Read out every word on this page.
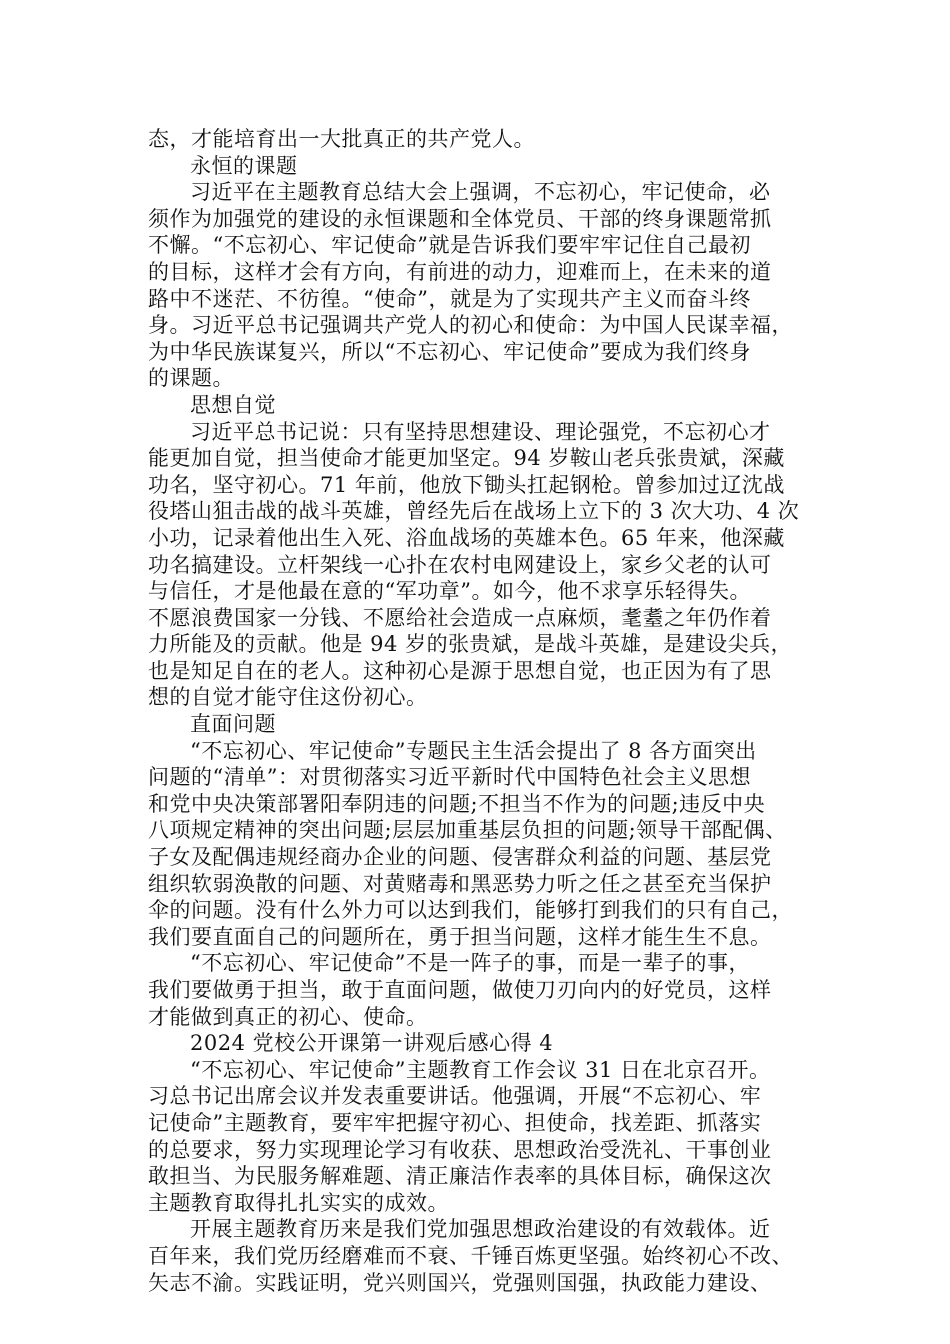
态，才能培育出一大批真正的共产党人。
永恒的课题
习近平在主题教育总结大会上强调，不忘初心，牢记使命，必
须作为加强党的建设的永恒课题和全体党员、干部的终身课题常抓
不懈。“不忘初心、牢记使命”就是告诉我们要牢牢记住自己最初
的目标，这样才会有方向，有前进的动力，迎难而上，在未来的道
路中不迷茫、不彷徨。“使命”，就是为了实现共产主义而奋斗终
身。习近平总书记强调共产党人的初心和使命：为中国人民谋幸福，
为中华民族谋复兴，所以“不忘初心、牢记使命”要成为我们终身
的课题。
思想自觉
习近平总书记说：只有坚持思想建设、理论强党，不忘初心才
能更加自觉，担当使命才能更加坚定。94 岁鞍山老兵张贵斌，深藏
功名，坚守初心。71 年前，他放下锄头扛起钢枪。曾参加过辽沈战
役塔山狙击战的战斗英雄，曾经先后在战场上立下的 3 次大功、4 次
小功，记录着他出生入死、浴血战场的英雄本色。65 年来，他深藏
功名搞建设。立杆架线一心扑在农村电网建设上，家乡父老的认可
与信任，才是他最在意的“军功章”。如今，他不求享乐轻得失。
不愿浪费国家一分钱、不愿给社会造成一点麻烦，耄耋之年仍作着
力所能及的贡献。他是 94 岁的张贵斌，是战斗英雄，是建设尖兵，
也是知足自在的老人。这种初心是源于思想自觉，也正因为有了思
想的自觉才能守住这份初心。
直面问题
“不忘初心、牢记使命”专题民主生活会提出了 8 各方面突出
问题的“清单”：对贯彻落实习近平新时代中国特色社会主义思想
和党中央决策部署阳奉阴违的问题;不担当不作为的问题;违反中央
八项规定精神的突出问题;层层加重基层负担的问题;领导干部配偶、
子女及配偶违规经商办企业的问题、侵害群众利益的问题、基层党
组织软弱涣散的问题、对黄赌毒和黑恶势力听之任之甚至充当保护
伞的问题。没有什么外力可以达到我们，能够打到我们的只有自己，
我们要直面自己的问题所在，勇于担当问题，这样才能生生不息。
“不忘初心、牢记使命”不是一阵子的事，而是一辈子的事，
我们要做勇于担当，敢于直面问题，做使刀刃向内的好党员，这样
才能做到真正的初心、使命。
2024 党校公开课第一讲观后感心得 4
“不忘初心、牢记使命”主题教育工作会议 31 日在北京召开。
习总书记出席会议并发表重要讲话。他强调，开展“不忘初心、牢
记使命”主题教育，要牢牢把握守初心、担使命，找差距、抓落实
的总要求，努力实现理论学习有收获、思想政治受洗礼、干事创业
敢担当、为民服务解难题、清正廉洁作表率的具体目标，确保这次
主题教育取得扎扎实实的成效。
开展主题教育历来是我们党加强思想政治建设的有效载体。近
百年来，我们党历经磨难而不衰、千锤百炼更坚强。始终初心不改、
矢志不渝。实践证明，党兴则国兴，党强则国强，执政能力建设、
